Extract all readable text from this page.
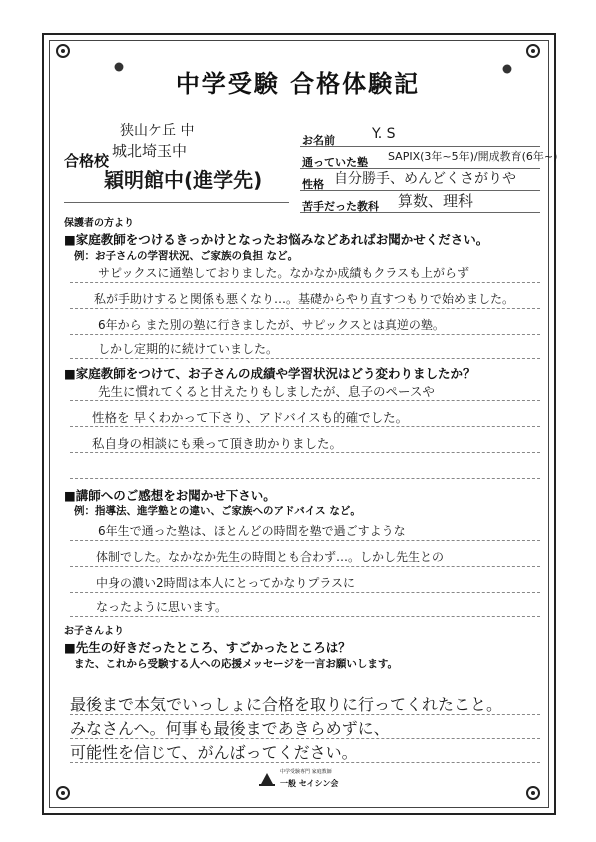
中学受験 合格体験記
合格校
狭山ケ丘 中
城北埼玉中
穎明館中(進学先)
お名前	Y. S
通っていた塾 SAPIX(3年~5年)/開成教育(6年~)
性格 自分勝手、めんどくさがりや
苦手だった教科 算数、理科
保護者の方より
■家庭教師をつけるきっかけとなったお悩みなどあればお聞かせください。
例：お子さんの学習状況、ご家族の負担 など。
サピックスに通塾しておりました。なかなか成績もクラスも上がらず
私が手助けすると関係も悪くなり…。基礎からやり直すつもりで始めました。
6年から また別の塾に行きましたが、サピックスとは真逆の塾。
しかし定期的に続けていました。
■家庭教師をつけて、お子さんの成績や学習状況はどう変わりましたか？
先生に慣れてくると甘えたりもしましたが、息子のペースや
性格を 早くわかって下さり、アドバイスも的確でした。
私自身の相談にも乗って頂き助かりました。
■講師へのご感想をお聞かせ下さい。
例：指導法、進学塾との違い、ご家族へのアドバイス など。
6年生で通った塾は、ほとんどの時間を塾で過ごすような
体制でした。なかなか先生の時間とも合わず…。しかし先生との
中身の濃い2時間は本人にとってかなりプラスに
なったように思います。
お子さんより
■先生の好きだったところ、すごかったところは？
また、これから受験する人への応援メッセージを一言お願いします。
最後まで本気でいっしょに合格を取りに行ってくれたこと。
みなさんへ。何事も最後まであきらめずに、
可能性を信じて、がんばってください。
中学受験専門 家庭教師
一般 セイシン会
